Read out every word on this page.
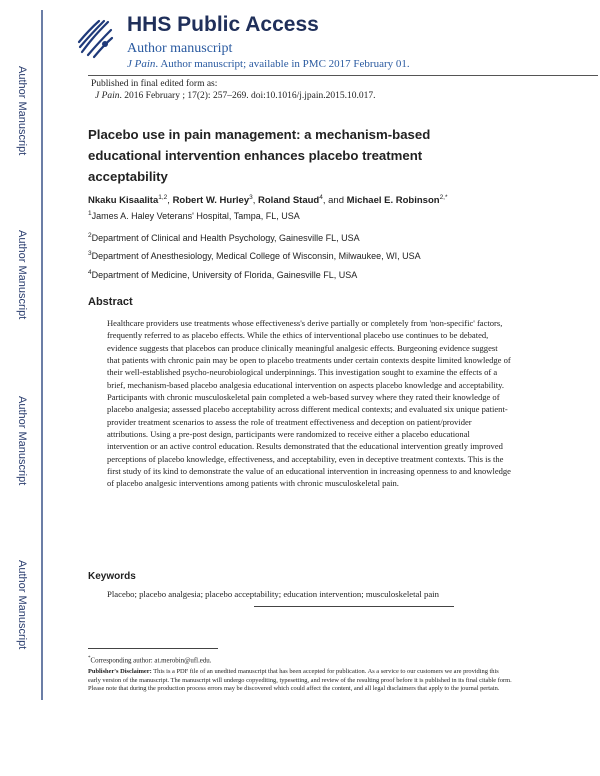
Author Manuscript
Author Manuscript
Author Manuscript
Author Manuscript
HHS Public Access
Author manuscript
J Pain. Author manuscript; available in PMC 2017 February 01.
Published in final edited form as:
J Pain. 2016 February ; 17(2): 257–269. doi:10.1016/j.jpain.2015.10.017.
Placebo use in pain management: a mechanism-based educational intervention enhances placebo treatment acceptability
Nkaku Kisaalita$^{1,2}$, Robert W. Hurley$^3$, Roland Staud$^4$, and Michael E. Robinson$^{2,*}$
$^1$James A. Haley Veterans' Hospital, Tampa, FL, USA
$^2$Department of Clinical and Health Psychology, Gainesville FL, USA
$^3$Department of Anesthesiology, Medical College of Wisconsin, Milwaukee, WI, USA
$^4$Department of Medicine, University of Florida, Gainesville FL, USA
Abstract
Healthcare providers use treatments whose effectiveness's derive partially or completely from 'non-specific' factors, frequently referred to as placebo effects. While the ethics of interventional placebo use continues to be debated, evidence suggests that placebos can produce clinically meaningful analgesic effects. Burgeoning evidence suggest that patients with chronic pain may be open to placebo treatments under certain contexts despite limited knowledge of their well-established psycho-neurobiological underpinnings. This investigation sought to examine the effects of a brief, mechanism-based placebo analgesia educational intervention on aspects placebo knowledge and acceptability. Participants with chronic musculoskeletal pain completed a web-based survey where they rated their knowledge of placebo analgesia; assessed placebo acceptability across different medical contexts; and evaluated six unique patient-provider treatment scenarios to assess the role of treatment effectiveness and deception on patient/provider attributions. Using a pre-post design, participants were randomized to receive either a placebo educational intervention or an active control education. Results demonstrated that the educational intervention greatly improved perceptions of placebo knowledge, effectiveness, and acceptability, even in deceptive treatment contexts. This is the first study of its kind to demonstrate the value of an educational intervention in increasing openness to and knowledge of placebo analgesic interventions among patients with chronic musculoskeletal pain.
Keywords
Placebo; placebo analgesia; placebo acceptability; education intervention; musculoskeletal pain
*Corresponding author: at.merobin@ufl.edu.
Publisher's Disclaimer: This is a PDF file of an unedited manuscript that has been accepted for publication. As a service to our customers we are providing this early version of the manuscript. The manuscript will undergo copyediting, typesetting, and review of the resulting proof before it is published in its final citable form. Please note that during the production process errors may be discovered which could affect the content, and all legal disclaimers that apply to the journal pertain.
